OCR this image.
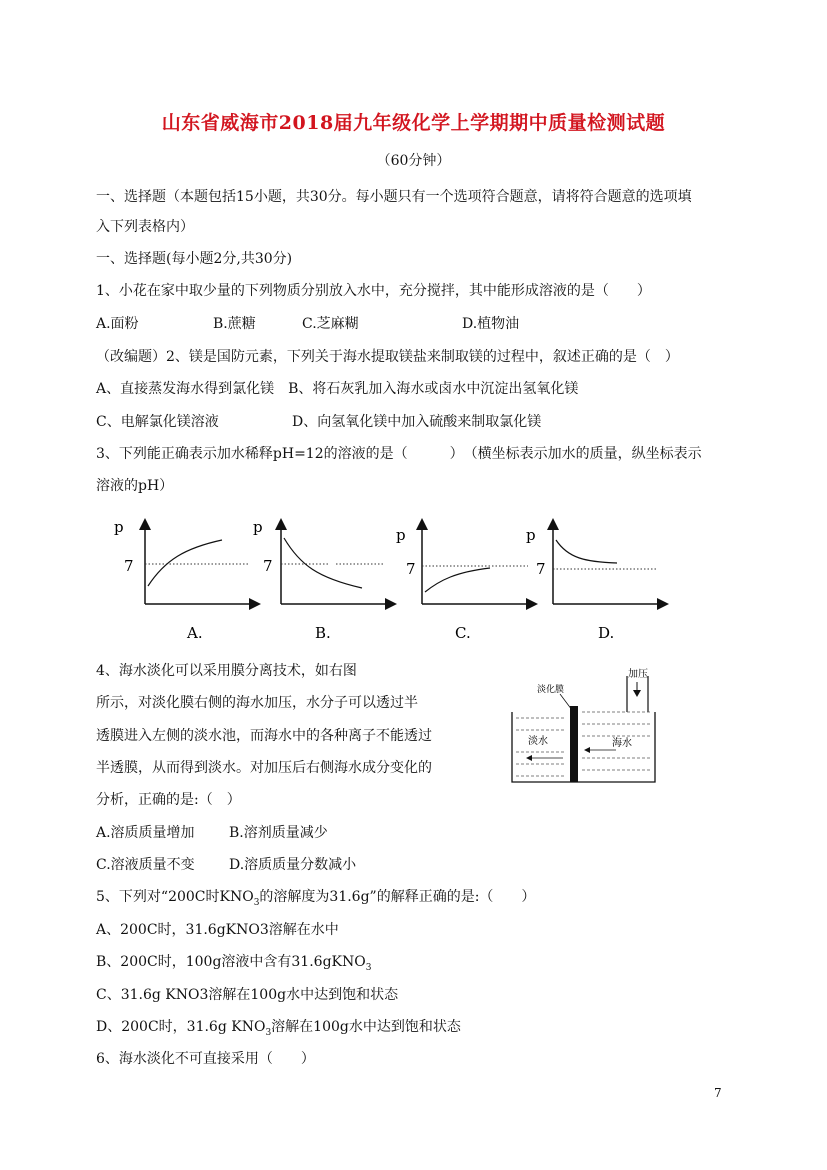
山东省威海市2018届九年级化学上学期期中质量检测试题
（60分钟）
一、选择题（本题包括15小题，共30分。每小题只有一个选项符合题意，请将符合题意的选项填
入下列表格内）
一、选择题(每小题2分,共30分)
1、小花在家中取少量的下列物质分别放入水中，充分搅拌，其中能形成溶液的是（　　）
A.面粉	B.蔗糖	C.芝麻糊	D.植物油
（改编题）2、镁是国防元素，下列关于海水提取镁盐来制取镁的过程中，叙述正确的是（　）
A、直接蒸发海水得到氯化镁　B、将石灰乳加入海水或卤水中沉淀出氢氧化镁
C、电解氯化镁溶液	D、向氢氧化镁中加入硫酸来制取氯化镁
3、下列能正确表示加水稀释pH=12的溶液的是（　　　）　（横坐标表示加水的质量，纵坐标表示
溶液的pH）
p
7
A.
p
7
B.
p
7
C.
p
7
D.
加压
淡化膜
淡水	海水
4、海水淡化可以采用膜分离技术，如右图
所示，对淡化膜右侧的海水加压，水分子可以透过半
透膜进入左侧的淡水池，而海水中的各种离子不能透过
半透膜，从而得到淡水。对加压后右侧海水成分变化的
分析，正确的是:（　）
A.溶质质量增加 B.溶剂质量减少
C.溶液质量不变 D.溶质质量分数减小
5、下列对“200C时$KNO_3$的溶解度为31.6g”的解释正确的是:（　　）
A、200C时，31.6gKNO3溶解在水中
B、200C时，100g溶液中含有31.6gKNO$_3$
C、31.6g KNO3溶解在100g水中达到饱和状态
D、200C时，31.6g $KNO_3$溶解在100g水中达到饱和状态
6、海水淡化不可直接采用（　　）
7
